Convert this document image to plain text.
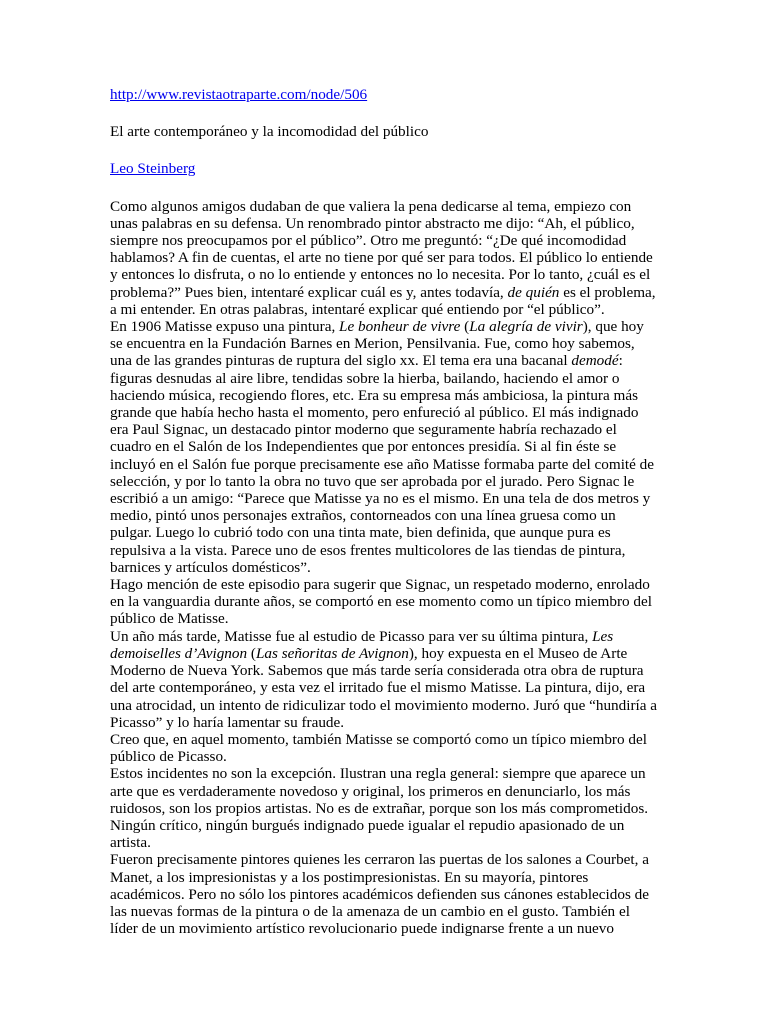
http://www.revistaotraparte.com/node/506
El arte contemporáneo y la incomodidad del público
Leo Steinberg

Como algunos amigos dudaban de que valiera la pena dedicarse al tema, empiezo con unas palabras en su defensa. Un renombrado pintor abstracto me dijo: “Ah, el público, siempre nos preocupamos por el público”. Otro me preguntó: “¿De qué incomodidad hablamos? A fin de cuentas, el arte no tiene por qué ser para todos. El público lo entiende y entonces lo disfruta, o no lo entiende y entonces no lo necesita. Por lo tanto, ¿cuál es el problema?” Pues bien, intentaré explicar cuál es y, antes todavía, de quién es el problema, a mi entender. En otras palabras, intentaré explicar qué entiendo por “el público”.

En 1906 Matisse expuso una pintura, Le bonheur de vivre (La alegría de vivir), que hoy se encuentra en la Fundación Barnes en Merion, Pensilvania. Fue, como hoy sabemos, una de las grandes pinturas de ruptura del siglo xx. El tema era una bacanal demodé: figuras desnudas al aire libre, tendidas sobre la hierba, bailando, haciendo el amor o haciendo música, recogiendo flores, etc. Era su empresa más ambiciosa, la pintura más grande que había hecho hasta el momento, pero enfureció al público. El más indignado era Paul Signac, un destacado pintor moderno que seguramente habría rechazado el cuadro en el Salón de los Independientes que por entonces presidía. Si al fin éste se incluyó en el Salón fue porque precisamente ese año Matisse formaba parte del comité de selección, y por lo tanto la obra no tuvo que ser aprobada por el jurado. Pero Signac le escribió a un amigo: “Parece que Matisse ya no es el mismo. En una tela de dos metros y medio, pintó unos personajes extraños, contorneados con una línea gruesa como un pulgar. Luego lo cubrió todo con una tinta mate, bien definida, que aunque pura es repulsiva a la vista. Parece uno de esos frentes multicolores de las tiendas de pintura, barnices y artículos domésticos”.

Hago mención de este episodio para sugerir que Signac, un respetado moderno, enrolado en la vanguardia durante años, se comportó en ese momento como un típico miembro del público de Matisse.

Un año más tarde, Matisse fue al estudio de Picasso para ver su última pintura, Les demoiselles d’Avignon (Las señoritas de Avignon), hoy expuesta en el Museo de Arte Moderno de Nueva York. Sabemos que más tarde sería considerada otra obra de ruptura del arte contemporáneo, y esta vez el irritado fue el mismo Matisse. La pintura, dijo, era una atrocidad, un intento de ridiculizar todo el movimiento moderno. Juró que “hundiría a Picasso” y lo haría lamentar su fraude.

Creo que, en aquel momento, también Matisse se comportó como un típico miembro del público de Picasso.

Estos incidentes no son la excepción. Ilustran una regla general: siempre que aparece un arte que es verdaderamente novedoso y original, los primeros en denunciarlo, los más ruidosos, son los propios artistas. No es de extrañar, porque son los más comprometidos. Ningún crítico, ningún burgués indignado puede igualar el repudio apasionado de un artista.

Fueron precisamente pintores quienes les cerraron las puertas de los salones a Courbet, a Manet, a los impresionistas y a los postimpresionistas. En su mayoría, pintores académicos. Pero no sólo los pintores académicos defienden sus cánones establecidos de las nuevas formas de la pintura o de la amenaza de un cambio en el gusto. También el líder de un movimiento artístico revolucionario puede indignarse frente a un nuevo
